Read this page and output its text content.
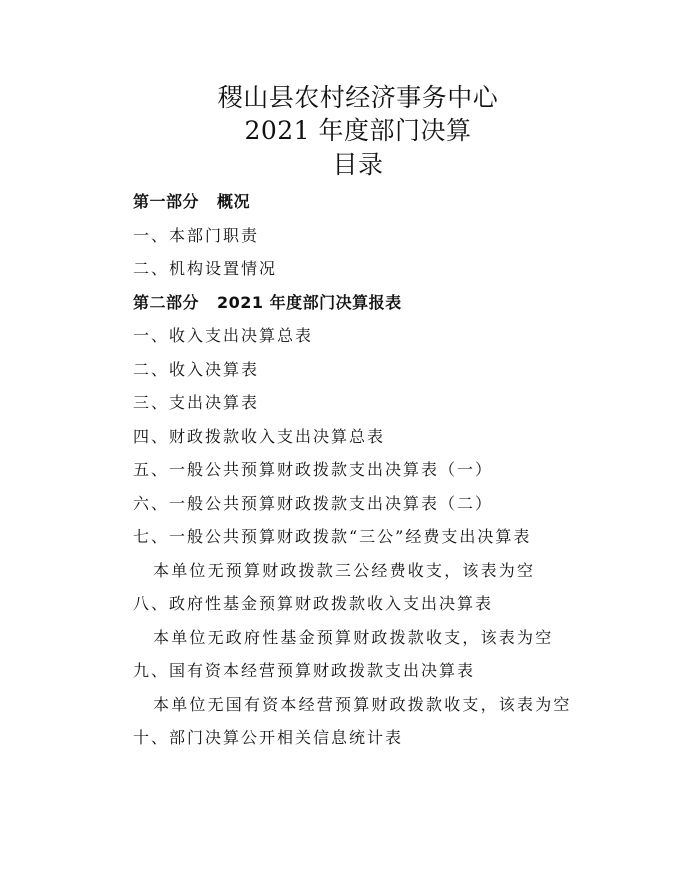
稷山县农村经济事务中心
2021 年度部门决算
目录
第一部分 概况
一、本部门职责
二、机构设置情况
第二部分 2021 年度部门决算报表
一、收入支出决算总表
二、收入决算表
三、支出决算表
四、财政拨款收入支出决算总表
五、一般公共预算财政拨款支出决算表（一）
六、一般公共预算财政拨款支出决算表（二）
七、一般公共预算财政拨款“三公”经费支出决算表
本单位无预算财政拨款三公经费收支，该表为空
八、政府性基金预算财政拨款收入支出决算表
本单位无政府性基金预算财政拨款收支，该表为空
九、国有资本经营预算财政拨款支出决算表
本单位无国有资本经营预算财政拨款收支，该表为空
十、部门决算公开相关信息统计表
